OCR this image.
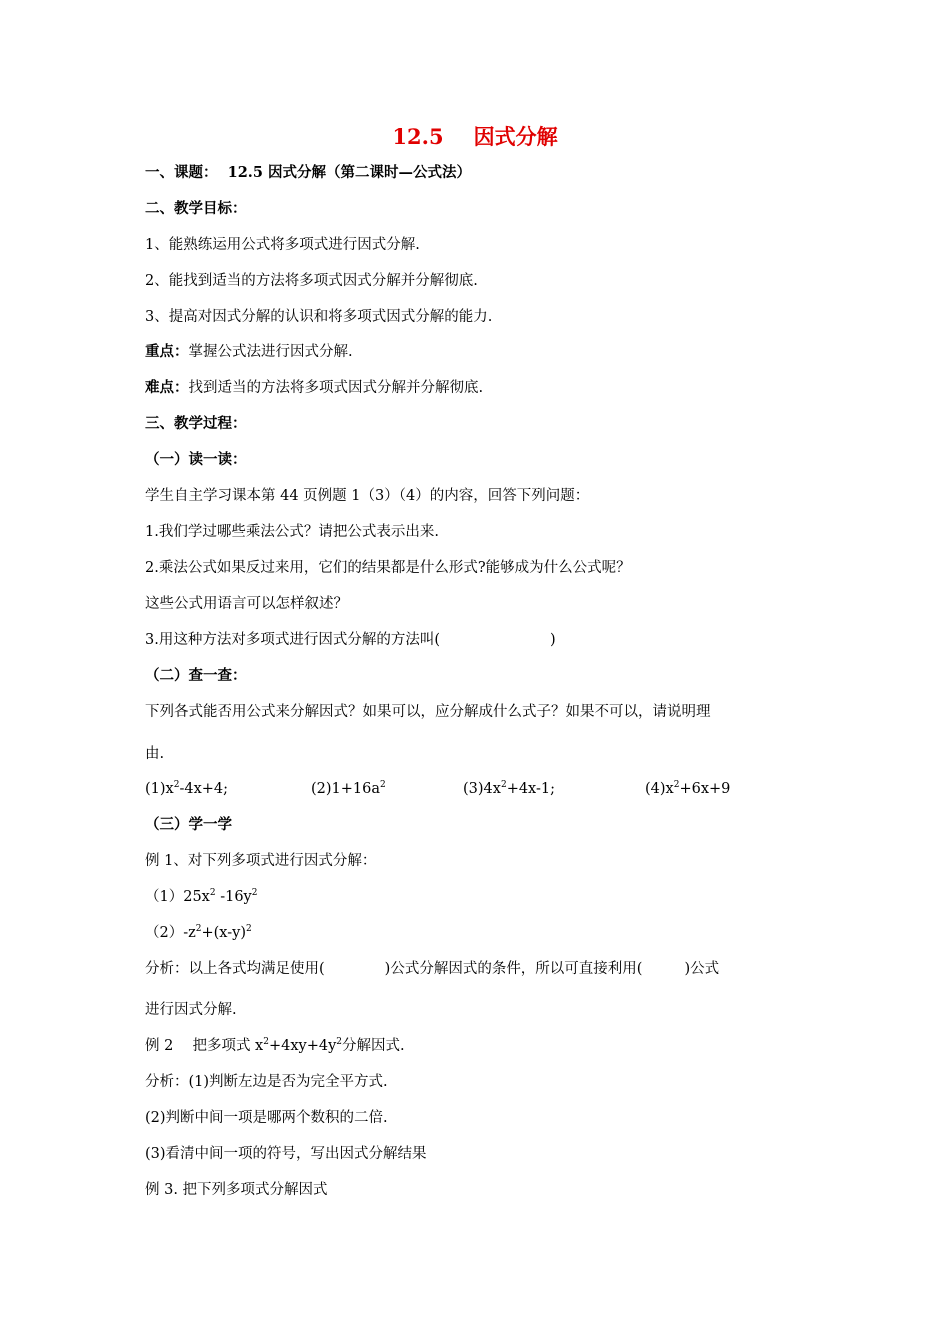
12.5 因式分解
一、课题： 12.5 因式分解（第二课时—公式法）
二、教学目标：
1、能熟练运用公式将多项式进行因式分解.
2、能找到适当的方法将多项式因式分解并分解彻底.
3、提高对因式分解的认识和将多项式因式分解的能力.
重点：掌握公式法进行因式分解.
难点：找到适当的方法将多项式因式分解并分解彻底.
三、教学过程：
（一）读一读：
学生自主学习课本第 44 页例题 1（3）（4）的内容，回答下列问题：
1.我们学过哪些乘法公式？请把公式表示出来.
2.乘法公式如果反过来用，它们的结果都是什么形式?能够成为什么公式呢？
这些公式用语言可以怎样叙述？
3.用这种方法对多项式进行因式分解的方法叫(	)
（二）查一查：
下列各式能否用公式来分解因式？如果可以，应分解成什么式子？如果不可以，请说明理
由.
$(1)x^2-4x+4$;	$(2)1+16a^2$	$(3)4x^2+4x-1$;	$(4)x^2+6x+9$
（三）学一学
例 1、对下列多项式进行因式分解：
$(1)25x^2$ $-16y^2$
$(2)-z^2+(x-y)^2$
分析：以上各式均满足使用(	)公式分解因式的条件，所以可直接利用(	)公式
进行因式分解.
例 2　 把多项式 $x^2+4xy+4y^2$分解因式.
分析：(1)判断左边是否为完全平方式.
(2)判断中间一项是哪两个数积的二倍.
(3)看清中间一项的符号，写出因式分解结果
例 3. 把下列多项式分解因式
